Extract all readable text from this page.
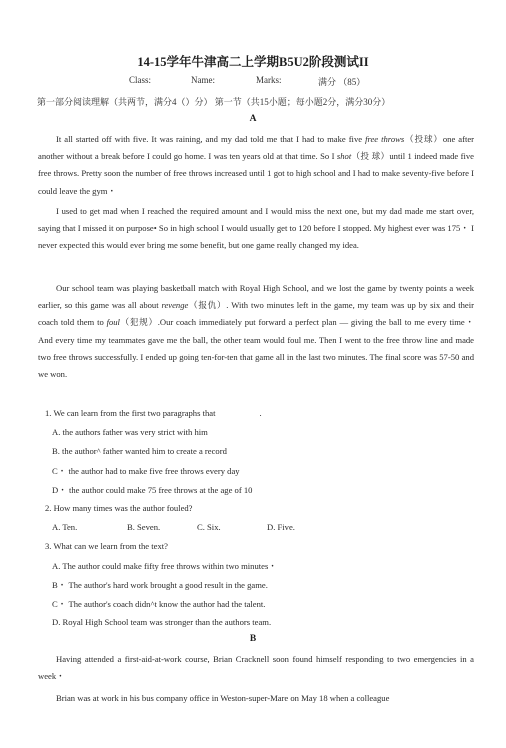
14-15学年牛津高二上学期B5U2阶段测试II
Class:	Name:	Marks:	满分 （85）
第一部分阅读理解（共两节，满分4（）分） 第一节（共15小题；每小题2分，满分30分）
A

It all started off with five. It was raining, and my dad told me that I had to make five free throws（投球）one after another without a break before I could go home. I was ten years old at that time. So I shot（投 球）until 1 indeed made five free throws. Pretty soon the number of free throws increased until 1 got to high school and I had to make seventy-five before I could leave the gym・

I used to get mad when I reached the required amount and I would miss the next one, but my dad made me start over, saying that I missed it on purpose• So in high school I would usually get to 120 before I stopped. My highest ever was 175・ I never expected this would ever bring me some benefit, but one game really changed my idea.

Our school team was playing basketball match with Royal High School, and we lost the game by twenty points a week earlier, so this game was all about revenge（报仇）. With two minutes left in the game, my team was up by six and their coach told them to foul（犯规）.Our coach immediately put forward a perfect plan — giving the ball to me every time・ And every time my teammates gave me the ball, the other team would foul me. Then I went to the free throw line and made two free throws successfully. I ended up going ten-for-ten that game all in the last two minutes. The final score was 57-50 and we won.

1. We can learn from the first two paragraphs that	.
A. the authors father was very strict with him
B. the author^ father wanted him to create a record
C・ the author had to make five free throws every day
D・ the author could make 75 free throws at the age of 10
2. How many times was the author fouled?
A. Ten.	B. Seven.	C. Six.	D. Five.
3. What can we learn from the text?
A. The author could make fifty free throws within two minutes・
B・ The author's hard work brought a good result in the game.
C・ The author's coach didn^t know the author had the talent.
D. Royal High School team was stronger than the authors team.
B

Having attended a first-aid-at-work course, Brian Cracknell soon found himself responding to two emergencies in a week・

Brian was at work in his bus company office in Weston-super-Mare on May 18 when a colleague
